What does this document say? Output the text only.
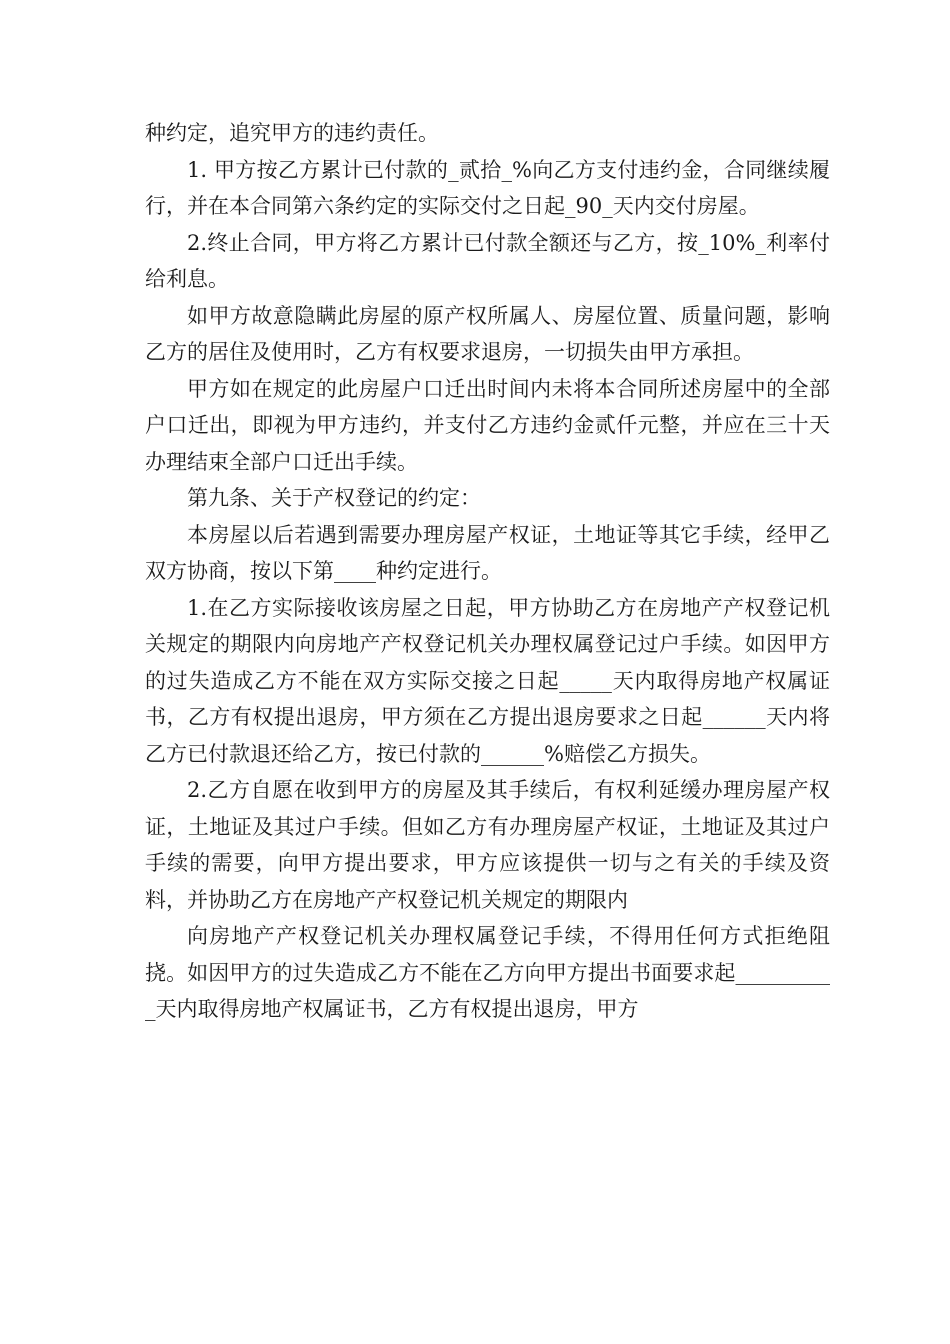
种约定，追究甲方的违约责任。

1. 甲方按乙方累计已付款的_贰拾_%向乙方支付违约金，合同继续履行，并在本合同第六条约定的实际交付之日起_90_天内交付房屋。

2.终止合同，甲方将乙方累计已付款全额还与乙方，按_10%_利率付给利息。

如甲方故意隐瞒此房屋的原产权所属人、房屋位置、质量问题，影响乙方的居住及使用时，乙方有权要求退房，一切损失由甲方承担。

甲方如在规定的此房屋户口迁出时间内未将本合同所述房屋中的全部户口迁出，即视为甲方违约，并支付乙方违约金贰仟元整，并应在三十天办理结束全部户口迁出手续。

第九条、关于产权登记的约定：

本房屋以后若遇到需要办理房屋产权证，土地证等其它手续，经甲乙双方协商，按以下第____种约定进行。

1.在乙方实际接收该房屋之日起，甲方协助乙方在房地产产权登记机关规定的期限内向房地产产权登记机关办理权属登记过户手续。如因甲方的过失造成乙方不能在双方实际交接之日起_____天内取得房地产权属证书，乙方有权提出退房，甲方须在乙方提出退房要求之日起______天内将乙方已付款退还给乙方，按已付款的______%赔偿乙方损失。

2.乙方自愿在收到甲方的房屋及其手续后，有权利延缓办理房屋产权证，土地证及其过户手续。但如乙方有办理房屋产权证，土地证及其过户手续的需要，向甲方提出要求，甲方应该提供一切与之有关的手续及资料，并协助乙方在房地产产权登记机关规定的期限内

向房地产产权登记机关办理权属登记手续，不得用任何方式拒绝阻挠。如因甲方的过失造成乙方不能在乙方向甲方提出书面要求起__________天内取得房地产权属证书，乙方有权提出退房，甲方
